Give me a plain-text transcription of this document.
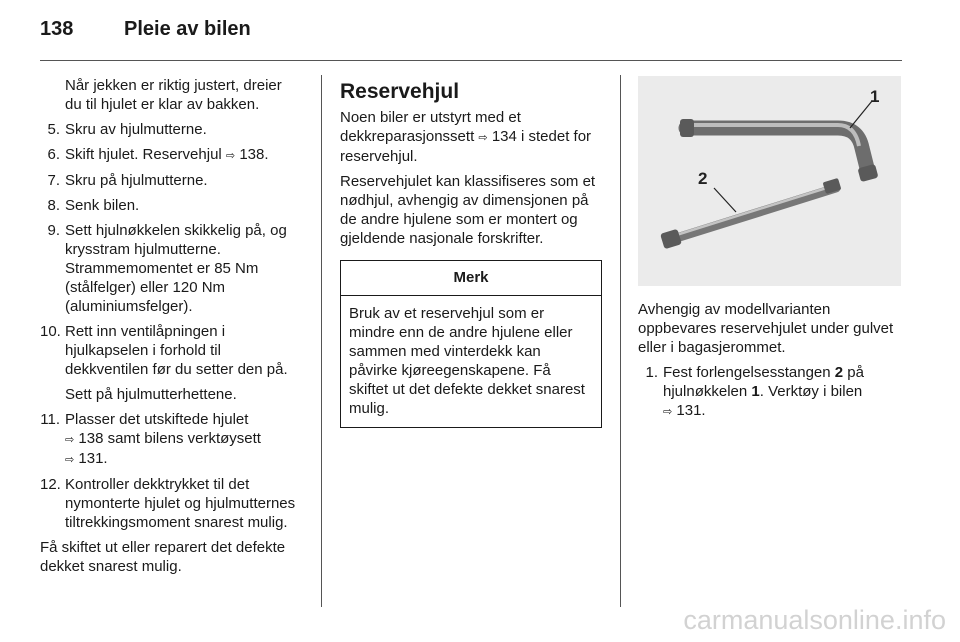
138	Pleie av bilen
Når jekken er riktig justert, dreier du til hjulet er klar av bakken.
5. Skru av hjulmutterne.
6. Skift hjulet. Reservehjul ⇨ 138.
7. Skru på hjulmutterne.
8. Senk bilen.
9. Sett hjulnøkkelen skikkelig på, og krysstram hjulmutterne. Strammemomentet er 85 Nm (stålfelger) eller 120 Nm (aluminiumsfelger).
10. Rett inn ventilåpningen i hjulkapselen i forhold til dekkventilen før du setter den på.
Sett på hjulmutterhettene.
11. Plasser det utskiftede hjulet
⇨ 138 samt bilens verktøysett
⇨ 131.
12. Kontroller dekktrykket til det nymonterte hjulet og hjulmutternes tiltrekkingsmoment snarest mulig.

Få skiftet ut eller reparert det defekte dekket snarest mulig.

Reservehjul

Noen biler er utstyrt med et dekkreparasjonssett ⇨ 134 i stedet for reservehjul.

Reservehjulet kan klassifiseres som et nødhjul, avhengig av dimensjonen på de andre hjulene som er montert og gjeldende nasjonale forskrifter.

Merk
Bruk av et reservehjul som er mindre enn de andre hjulene eller sammen med vinterdekk kan påvirke kjøreegenskapene. Få skiftet ut det defekte dekket snarest mulig.
1
2

Avhengig av modellvarianten oppbevares reservehjulet under gulvet eller i bagasjerommet.

1. Fest forlengelsesstangen 2 på hjulnøkkelen 1. Verktøy i bilen
⇨ 131.
carmanualsonline.info
